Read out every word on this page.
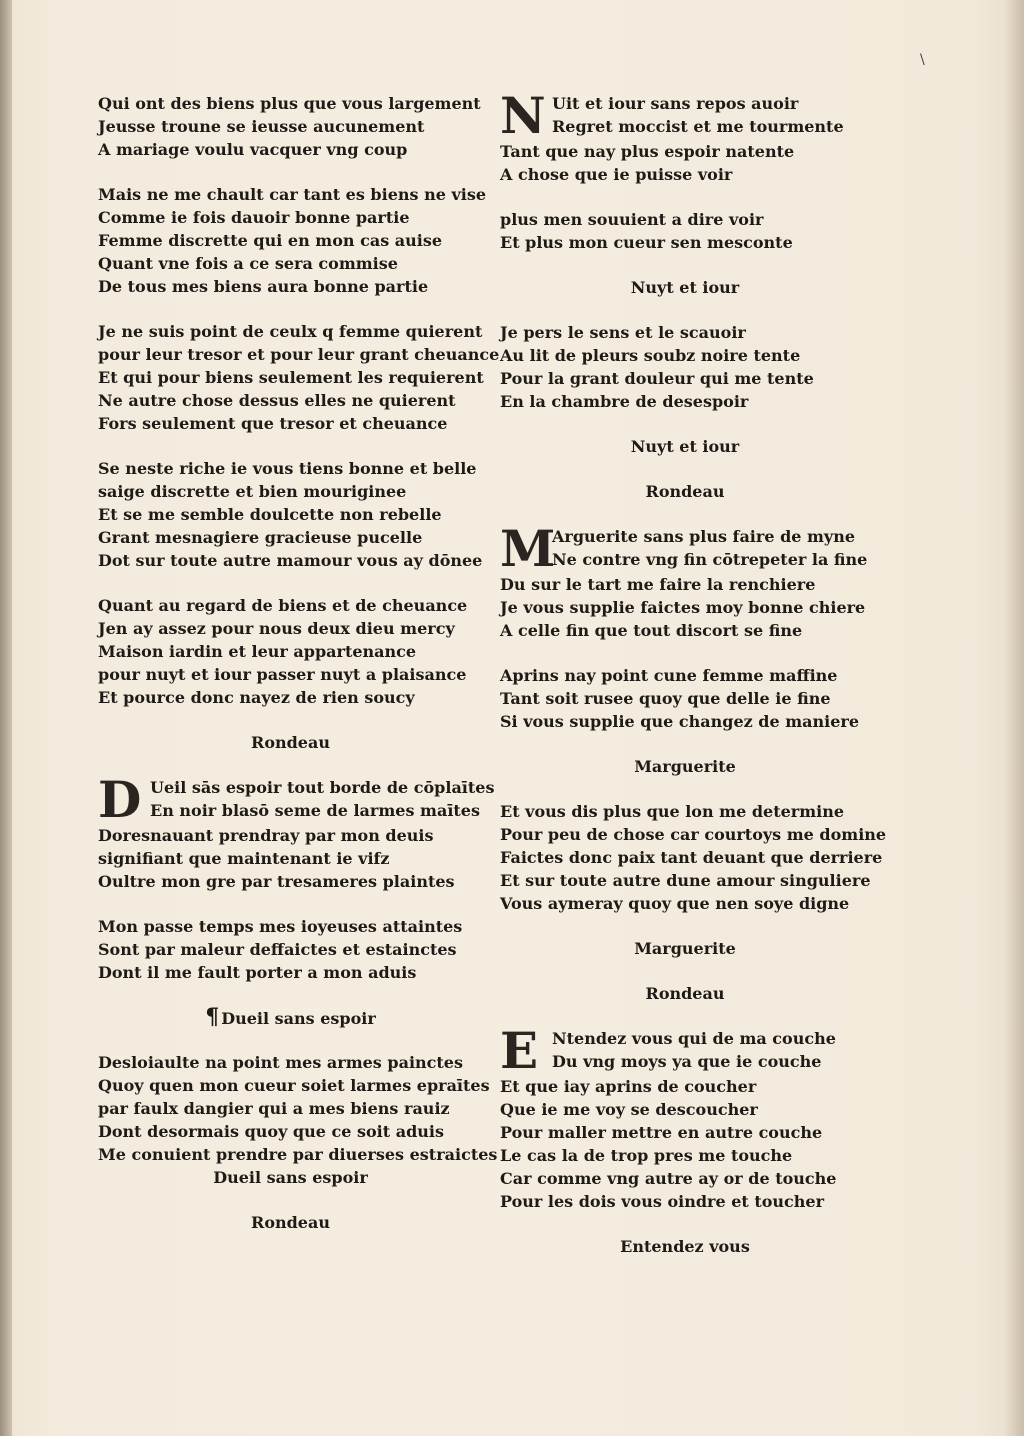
\
Qui ont des biens plus que vous largement
Jeusse troune se ieusse aucunement
A mariage voulu vacquer vng coup
Mais ne me chault car tant es biens ne vise
Comme ie fois dauoir bonne partie
Femme discrette qui en mon cas auise
Quant vne fois a ce sera commise
De tous mes biens aura bonne partie
Je ne suis point de ceulx q femme quierent
pour leur tresor et pour leur grant cheuance
Et qui pour biens seulement les requierent
Ne autre chose dessus elles ne quierent
Fors seulement que tresor et cheuance
Se neste riche ie vous tiens bonne et belle
saige discrette et bien mouriginee
Et se me semble doulcette non rebelle
Grant mesnagiere gracieuse pucelle
Dot sur toute autre mamour vous ay dōnee
Quant au regard de biens et de cheuance
Jen ay assez pour nous deux dieu mercy
Maison iardin et leur appartenance
pour nuyt et iour passer nuyt a plaisance
Et pource donc nayez de rien soucy
Rondeau
D Ueil sās espoir tout borde de cōplaītes
En noir blasō seme de larmes maītes
Doresnauant prendray par mon deuis
signifiant que maintenant ie vifz
Oultre mon gre par tresameres plaintes
Mon passe temps mes ioyeuses attaintes
Sont par maleur deffaictes et estainctes
Dont il me fault porter a mon aduis
¶ Dueil sans espoir
Desloiaulte na point mes armes painctes
Quoy quen mon cueur soiet larmes epraītes
par faulx dangier qui a mes biens rauiz
Dont desormais quoy que ce soit aduis
Me conuient prendre par diuerses estraictes
Dueil sans espoir
Rondeau
N Uit et iour sans repos auoir
Regret moccist et me tourmente
Tant que nay plus espoir natente
A chose que ie puisse voir
plus men souuient a dire voir
Et plus mon cueur sen mesconte
Nuyt et iour
Je pers le sens et le scauoir
Au lit de pleurs soubz noire tente
Pour la grant douleur qui me tente
En la chambre de desespoir
Nuyt et iour
Rondeau
M
Arguerite sans plus faire de myne
Ne contre vng fin cōtrepeter la fine
Du sur le tart me faire la renchiere
Je vous supplie faictes moy bonne chiere
A celle fin que tout discort se fine
Aprins nay point cune femme maffine
Tant soit rusee quoy que delle ie fine
Si vous supplie que changez de maniere
Marguerite
Et vous dis plus que lon me determine
Pour peu de chose car courtoys me domine
Faictes donc paix tant deuant que derriere
Et sur toute autre dune amour singuliere
Vous aymeray quoy que nen soye digne
Marguerite
Rondeau
E Ntendez vous qui de ma couche
Du vng moys ya que ie couche
Et que iay aprins de coucher
Que ie me voy se descoucher
Pour maller mettre en autre couche
Le cas la de trop pres me touche
Car comme vng autre ay or de touche
Pour les dois vous oindre et toucher
Entendez vous
